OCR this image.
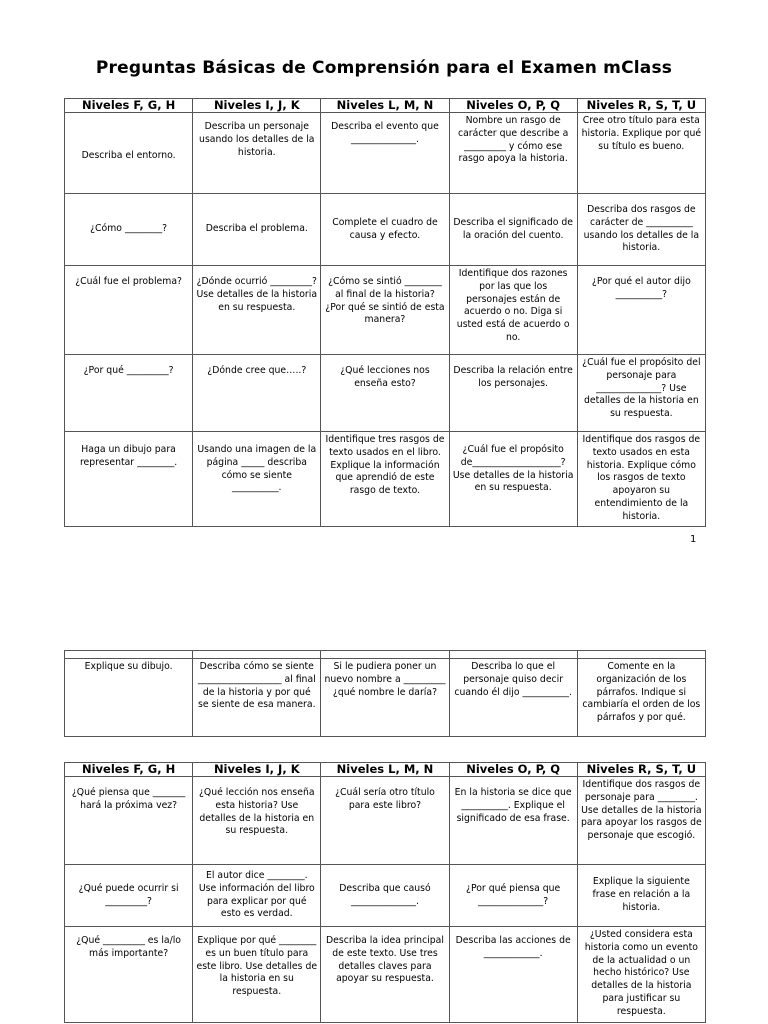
Preguntas Básicas de Comprensión para el Examen mClass
Niveles F, G, H	Niveles I, J, K	Niveles L, M, N	Niveles O, P, Q	Niveles R, S, T, U
Describa el entorno.	Describa un personaje usando los detalles de la historia.	Describa el evento que ______________.	Nombre un rasgo de carácter que describe a _________ y cómo ese rasgo apoya la historia.	Cree otro título para esta historia. Explique por qué su título es bueno.
¿Cómo ________?	Describa el problema.	Complete el cuadro de causa y efecto.	Describa el significado de la oración del cuento.	Describa dos rasgos de carácter de __________ usando los detalles de la historia.
¿Cuál fue el problema?	¿Dónde ocurrió _________? Use detalles de la historia en su respuesta.	¿Cómo se sintió ________ al final de la historia? ¿Por qué se sintió de esta manera?	Identifique dos razones por las que los personajes están de acuerdo o no. Diga si usted está de acuerdo o no.	¿Por qué el autor dijo __________?
¿Por qué _________?	¿Dónde cree que…..?	¿Qué lecciones nos enseña esto?	Describa la relación entre los personajes.	¿Cuál fue el propósito del personaje para ______________? Use detalles de la historia en su respuesta.
Haga un dibujo para representar ________.	Usando una imagen de la página _____ describa cómo se siente __________.	Identifique tres rasgos de texto usados en el libro. Explique la información que aprendió de este rasgo de texto.	¿Cuál fue el propósito de___________________? Use detalles de la historia en su respuesta.	Identifique dos rasgos de texto usados en esta historia. Explique cómo los rasgos de texto apoyaron su entendimiento de la historia.
1

Explique su dibujo.	Describa cómo se siente __________________ al final de la historia y por qué se siente de esa manera.	Si le pudiera poner un nuevo nombre a _________ ¿qué nombre le daría?	Describa lo que el personaje quiso decir cuando él dijo __________.	Comente en la organización de los párrafos. Indique si cambiaría el orden de los párrafos y por qué.
Niveles F, G, H	Niveles I, J, K	Niveles L, M, N	Niveles O, P, Q	Niveles R, S, T, U
¿Qué piensa que _______ hará la próxima vez?	¿Qué lección nos enseña esta historia? Use detalles de la historia en su respuesta.	¿Cuál sería otro título para este libro?	En la historia se dice que __________. Explique el significado de esa frase.	Identifique dos rasgos de personaje para ________. Use detalles de la historia para apoyar los rasgos de personaje que escogió.
¿Qué puede ocurrir si _________?	El autor dice ________. Use información del libro para explicar por qué esto es verdad.	Describa que causó ______________.	¿Por qué piensa que ______________?	Explique la siguiente frase en relación a la historia.
¿Qué _________ es la/lo más importante?	Explique por qué ________ es un buen título para este libro. Use detalles de la historia en su respuesta.	Describa la idea principal de este texto. Use tres detalles claves para apoyar su respuesta.	Describa las acciones de ____________.	¿Usted considera esta historia como un evento de la actualidad o un hecho histórico? Use detalles de la historia para justificar su respuesta.
